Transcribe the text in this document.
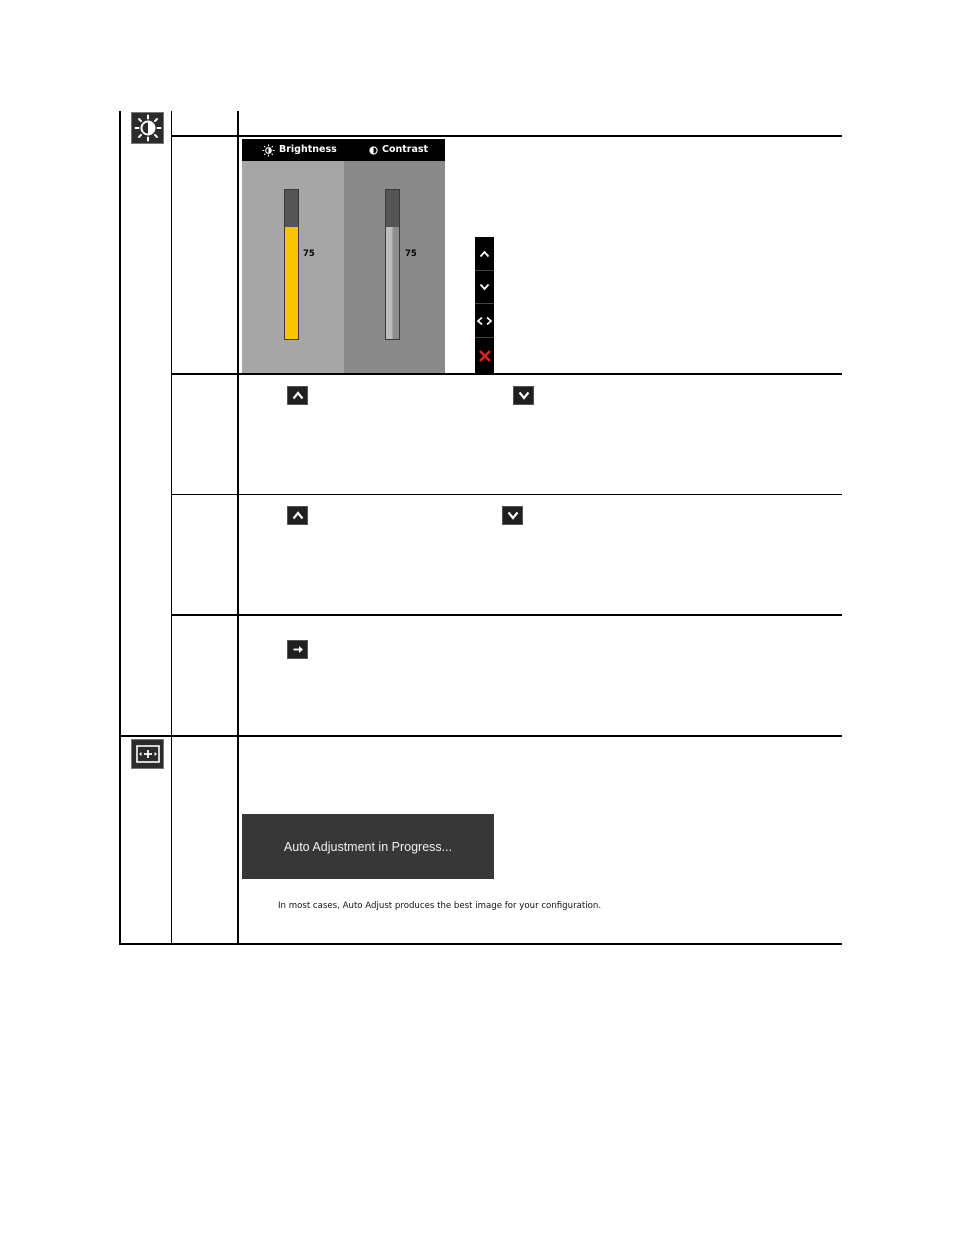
Brightness	Contrast
75	75
Auto Adjustment in Progress...
In most cases, Auto Adjust produces the best image for your configuration.
